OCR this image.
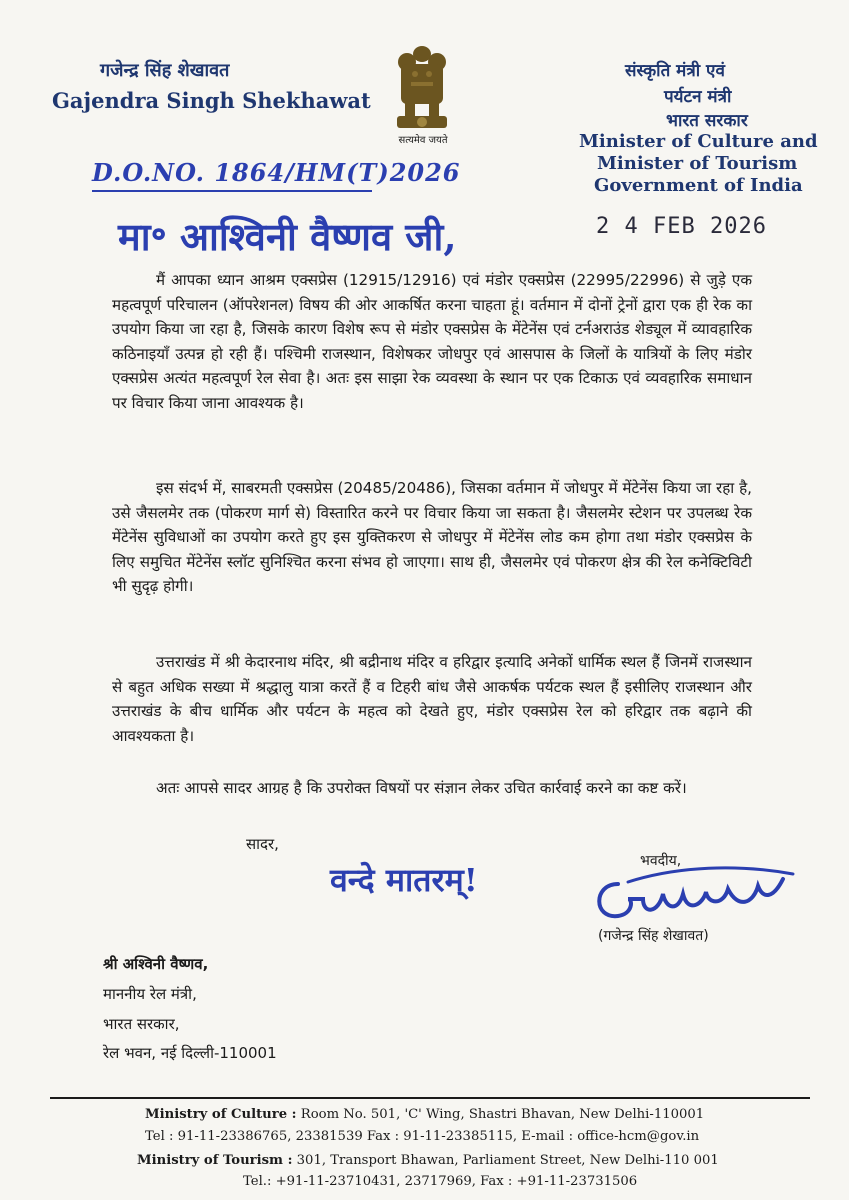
गजेन्द्र सिंह शेखावत
Gajendra Singh Shekhawat
सत्यमेव जयते
संस्कृति मंत्री एवं
पर्यटन मंत्री
भारत सरकार
Minister of Culture and
Minister of Tourism
Government of India
D.O.NO. 1864/HM(T)2026
2 4 FEB 2026
मा॰ आश्विनी वैष्णव जी,
मैं आपका ध्यान आश्रम एक्सप्रेस (12915/12916) एवं मंडोर एक्सप्रेस (22995/22996) से जुड़े एक महत्वपूर्ण परिचालन (ऑपरेशनल) विषय की ओर आकर्षित करना चाहता हूं। वर्तमान में दोनों ट्रेनों द्वारा एक ही रेक का उपयोग किया जा रहा है, जिसके कारण विशेष रूप से मंडोर एक्सप्रेस के मेंटेनेंस एवं टर्नअराउंड शेड्यूल में व्यावहारिक कठिनाइयाँ उत्पन्न हो रही हैं। पश्चिमी राजस्थान, विशेषकर जोधपुर एवं आसपास के जिलों के यात्रियों के लिए मंडोर एक्सप्रेस अत्यंत महत्वपूर्ण रेल सेवा है। अतः इस साझा रेक व्यवस्था के स्थान पर एक टिकाऊ एवं व्यवहारिक समाधान पर विचार किया जाना आवश्यक है।
इस संदर्भ में, साबरमती एक्सप्रेस (20485/20486), जिसका वर्तमान में जोधपुर में मेंटेनेंस किया जा रहा है, उसे जैसलमेर तक (पोकरण मार्ग से) विस्तारित करने पर विचार किया जा सकता है। जैसलमेर स्टेशन पर उपलब्ध रेक मेंटेनेंस सुविधाओं का उपयोग करते हुए इस युक्तिकरण से जोधपुर में मेंटेनेंस लोड कम होगा तथा मंडोर एक्सप्रेस के लिए समुचित मेंटेनेंस स्लॉट सुनिश्चित करना संभव हो जाएगा। साथ ही, जैसलमेर एवं पोकरण क्षेत्र की रेल कनेक्टिविटी भी सुदृढ़ होगी।
उत्तराखंड में श्री केदारनाथ मंदिर, श्री बद्रीनाथ मंदिर व हरिद्वार इत्यादि अनेकों धार्मिक स्थल हैं जिनमें राजस्थान से बहुत अधिक सख्या में श्रद्धालु यात्रा करतें हैं व टिहरी बांध जैसे आकर्षक पर्यटक स्थल हैं इसीलिए राजस्थान और उत्तराखंड के बीच धार्मिक और पर्यटन के महत्व को देखते हुए, मंडोर एक्सप्रेस रेल को हरिद्वार तक बढ़ाने की आवश्यकता है।
अतः आपसे सादर आग्रह है कि उपरोक्त विषयों पर संज्ञान लेकर उचित कार्रवाई करने का कष्ट करें।
सादर,
वन्दे मातरम्!	भवदीय,
(गजेन्द्र सिंह शेखावत)
श्री अश्विनी वैष्णव,
माननीय रेल मंत्री,
भारत सरकार,
रेल भवन, नई दिल्ली-110001
Ministry of Culture : Room No. 501, 'C' Wing, Shastri Bhavan, New Delhi-110001
Tel : 91-11-23386765, 23381539 Fax : 91-11-23385115, E-mail : office-hcm@gov.in
Ministry of Tourism : 301, Transport Bhawan, Parliament Street, New Delhi-110 001
Tel.: +91-11-23710431, 23717969, Fax : +91-11-23731506
